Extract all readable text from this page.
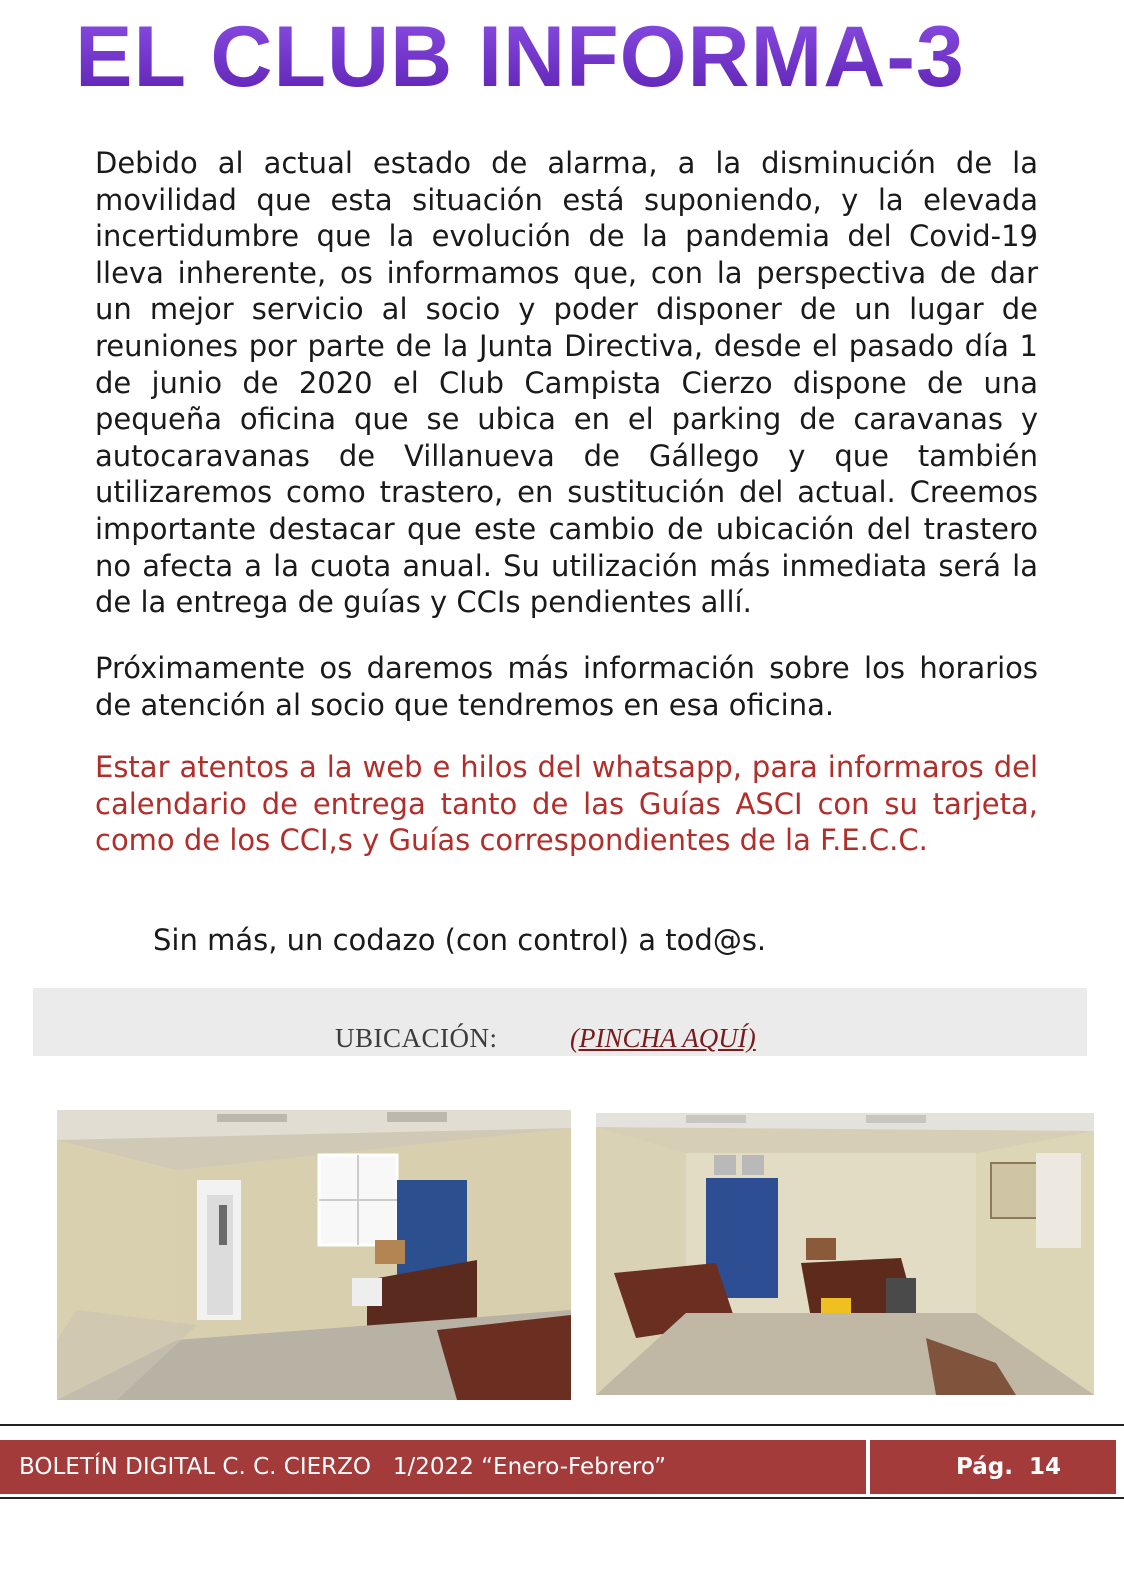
EL CLUB INFORMA-3

Debido al actual estado de alarma, a la disminución de la movilidad que esta situación está suponiendo, y la elevada incertidumbre que la evolución de la pandemia del Covid-19 lleva inherente, os informamos que, con la perspectiva de dar un mejor servicio al socio y poder disponer de un lugar de reuniones por parte de la Junta Directiva, desde el pasado día 1 de junio de 2020 el Club Campista Cierzo dispone de una pequeña oficina que se ubica en el parking de caravanas y autocaravanas de Villanueva de Gállego y que también utilizaremos como trastero, en sustitución del actual. Creemos importante destacar que este cambio de ubicación del trastero no afecta a la cuota anual. Su utilización más inmediata será la de la entrega de guías y CCIs pendientes allí.

Próximamente os daremos más información sobre los horarios de atención al socio que tendremos en esa oficina.

Estar atentos a la web e hilos del whatsapp, para informaros del calendario de entrega tanto de las Guías ASCI con su tarjeta, como de los CCI,s y Guías correspondientes de la F.E.C.C.

Sin más, un codazo (con control) a tod@s.

UBICACIÓN:	(PINCHA AQUÍ)
BOLETÍN DIGITAL C. C. CIERZO   1/2022 “Enero-Febrero”	Pág.  14
